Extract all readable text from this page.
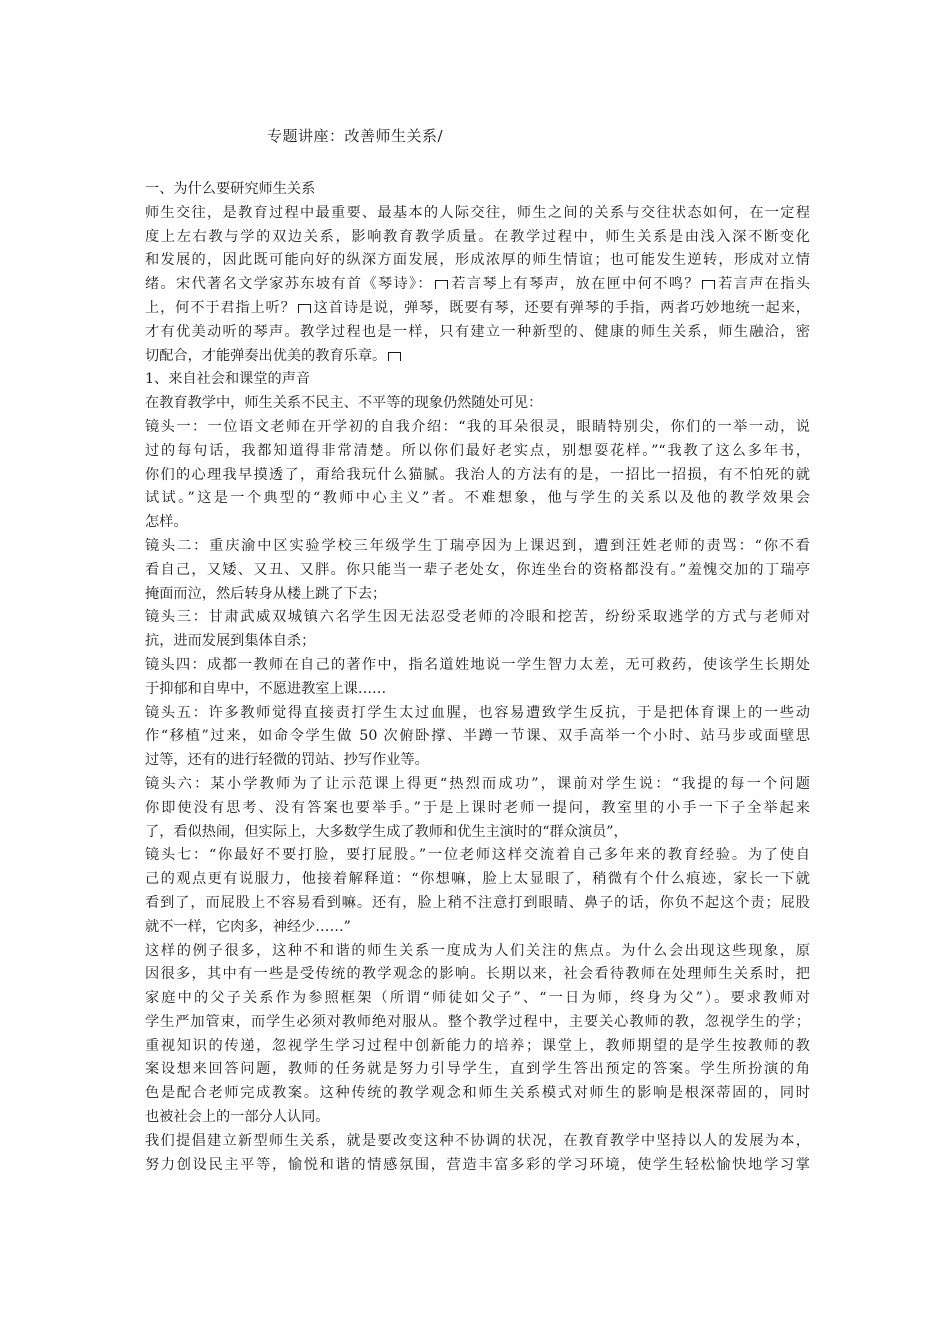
专题讲座：改善师生关系/
一、为什么要研究师生关系
师生交往，是教育过程中最重要、最基本的人际交往，师生之间的关系与交往状态如何，在一定程
度上左右教与学的双边关系，影响教育教学质量。在教学过程中，师生关系是由浅入深不断变化
和发展的，因此既可能向好的纵深方面发展，形成浓厚的师生情谊；也可能发生逆转，形成对立情
绪。宋代著名文学家苏东坡有首《琴诗》： 若言琴上有琴声，放在匣中何不鸣？ 若言声在指头
上，何不于君指上听？ 这首诗是说，弹琴，既要有琴，还要有弹琴的手指，两者巧妙地统一起来，
才有优美动听的琴声。教学过程也是一样，只有建立一种新型的、健康的师生关系，师生融洽，密
切配合，才能弹奏出优美的教育乐章。
1、来自社会和课堂的声音
在教育教学中，师生关系不民主、不平等的现象仍然随处可见：
镜头一：一位语文老师在开学初的自我介绍：“我的耳朵很灵，眼睛特别尖，你们的一举一动，说
过的每句话，我都知道得非常清楚。所以你们最好老实点，别想耍花样。”“我教了这么多年书，
你们的心理我早摸透了，甭给我玩什么猫腻。我治人的方法有的是，一招比一招损，有不怕死的就
试试。”这是一个典型的“教师中心主义”者。不难想象，他与学生的关系以及他的教学效果会
怎样。
镜头二：重庆渝中区实验学校三年级学生丁瑞亭因为上课迟到，遭到汪姓老师的责骂：“你不看
看自己，又矮、又丑、又胖。你只能当一辈子老处女，你连坐台的资格都没有。”羞愧交加的丁瑞亭
掩面而泣，然后转身从楼上跳了下去；
镜头三：甘肃武威双城镇六名学生因无法忍受老师的冷眼和挖苦，纷纷采取逃学的方式与老师对
抗，进而发展到集体自杀；
镜头四：成都一教师在自己的著作中，指名道姓地说一学生智力太差，无可救药，使该学生长期处
于抑郁和自卑中，不愿进教室上课……
镜头五：许多教师觉得直接责打学生太过血腥，也容易遭致学生反抗，于是把体育课上的一些动
作“移植”过来，如命令学生做 50 次俯卧撑、半蹲一节课、双手高举一个小时、站马步或面壁思
过等，还有的进行轻微的罚站、抄写作业等。
镜头六：某小学教师为了让示范课上得更“热烈而成功”，课前对学生说：“我提的每一个问题
你即使没有思考、没有答案也要举手。”于是上课时老师一提问，教室里的小手一下子全举起来
了，看似热闹，但实际上，大多数学生成了教师和优生主演时的“群众演员”，
镜头七：“你最好不要打脸，要打屁股。”一位老师这样交流着自己多年来的教育经验。为了使自
己的观点更有说服力，他接着解释道：“你想嘛，脸上太显眼了，稍微有个什么痕迹，家长一下就
看到了，而屁股上不容易看到嘛。还有，脸上稍不注意打到眼睛、鼻子的话，你负不起这个责；屁股
就不一样，它肉多，神经少……”
这样的例子很多，这种不和谐的师生关系一度成为人们关注的焦点。为什么会出现这些现象，原
因很多，其中有一些是受传统的教学观念的影响。长期以来，社会看待教师在处理师生关系时，把
家庭中的父子关系作为参照框架（所谓“师徒如父子”、“一日为师，终身为父”）。要求教师对
学生严加管束，而学生必须对教师绝对服从。整个教学过程中，主要关心教师的教，忽视学生的学；
重视知识的传递，忽视学生学习过程中创新能力的培养；课堂上，教师期望的是学生按教师的教
案设想来回答问题，教师的任务就是努力引导学生，直到学生答出预定的答案。学生所扮演的角
色是配合老师完成教案。这种传统的教学观念和师生关系模式对师生的影响是根深蒂固的，同时
也被社会上的一部分人认同。
我们提倡建立新型师生关系，就是要改变这种不协调的状况，在教育教学中坚持以人的发展为本，
努力创设民主平等，愉悦和谐的情感氛围，营造丰富多彩的学习环境，使学生轻松愉快地学习掌
